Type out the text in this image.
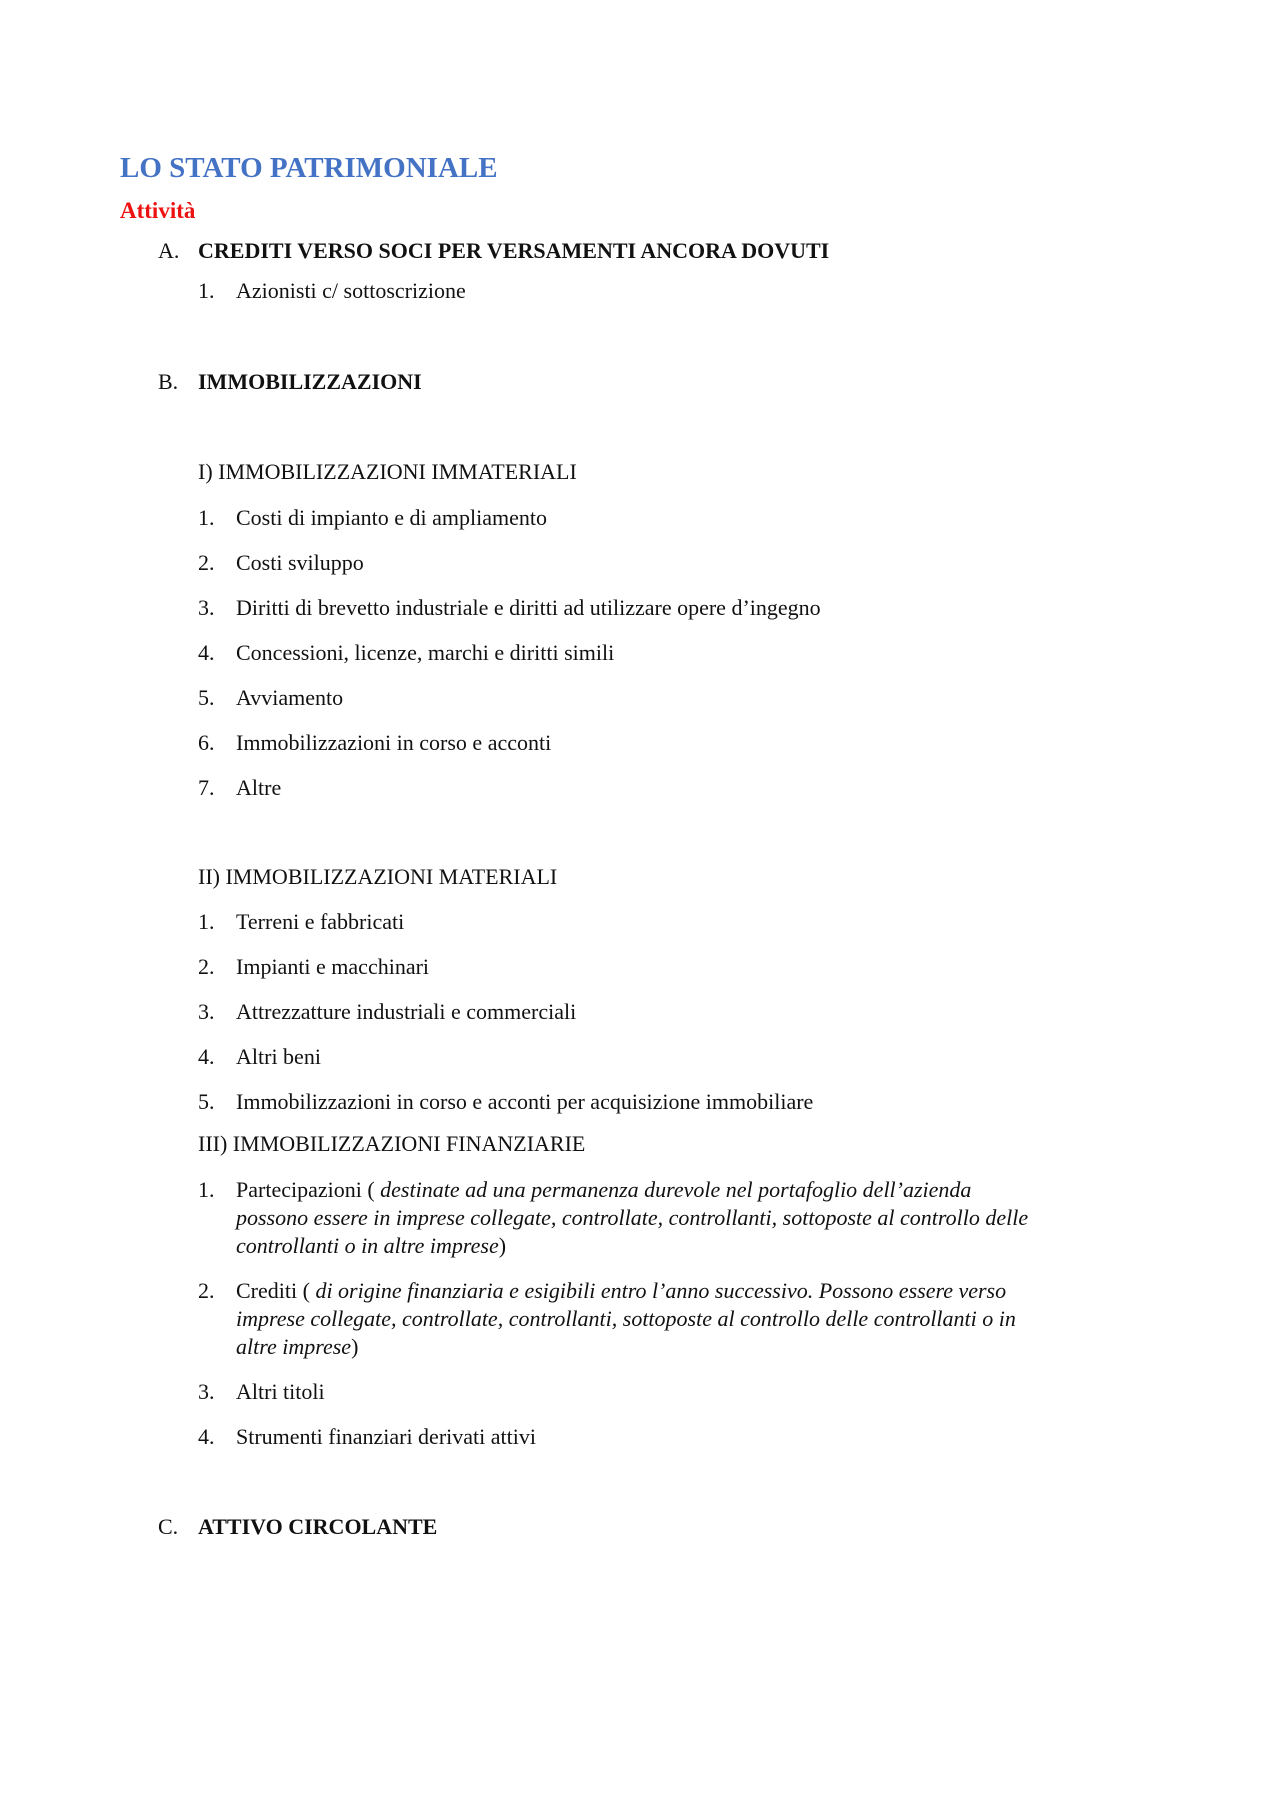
LO STATO PATRIMONIALE
Attività

A. CREDITI VERSO SOCI PER VERSAMENTI ANCORA DOVUTI

1. Azionisti c/ sottoscrizione

B. IMMOBILIZZAZIONI

I) IMMOBILIZZAZIONI IMMATERIALI

1. Costi di impianto e di ampliamento
2. Costi sviluppo
3. Diritti di brevetto industriale e diritti ad utilizzare opere d’ingegno
4. Concessioni, licenze, marchi e diritti simili
5. Avviamento
6. Immobilizzazioni in corso e acconti
7. Altre

II) IMMOBILIZZAZIONI MATERIALI

1. Terreni e fabbricati
2. Impianti e macchinari
3. Attrezzatture industriali e commerciali
4. Altri beni
5. Immobilizzazioni in corso e acconti per acquisizione immobiliare

III) IMMOBILIZZAZIONI FINANZIARIE

1. Partecipazioni ( destinate ad una permanenza durevole nel portafoglio dell’azienda possono essere in imprese collegate, controllate, controllanti, sottoposte al controllo delle controllanti o in altre imprese)
2. Crediti ( di origine finanziaria e esigibili entro l’anno successivo. Possono essere verso imprese collegate, controllate, controllanti, sottoposte al controllo delle controllanti o in altre imprese)
3. Altri titoli
4. Strumenti finanziari derivati attivi

C. ATTIVO CIRCOLANTE
